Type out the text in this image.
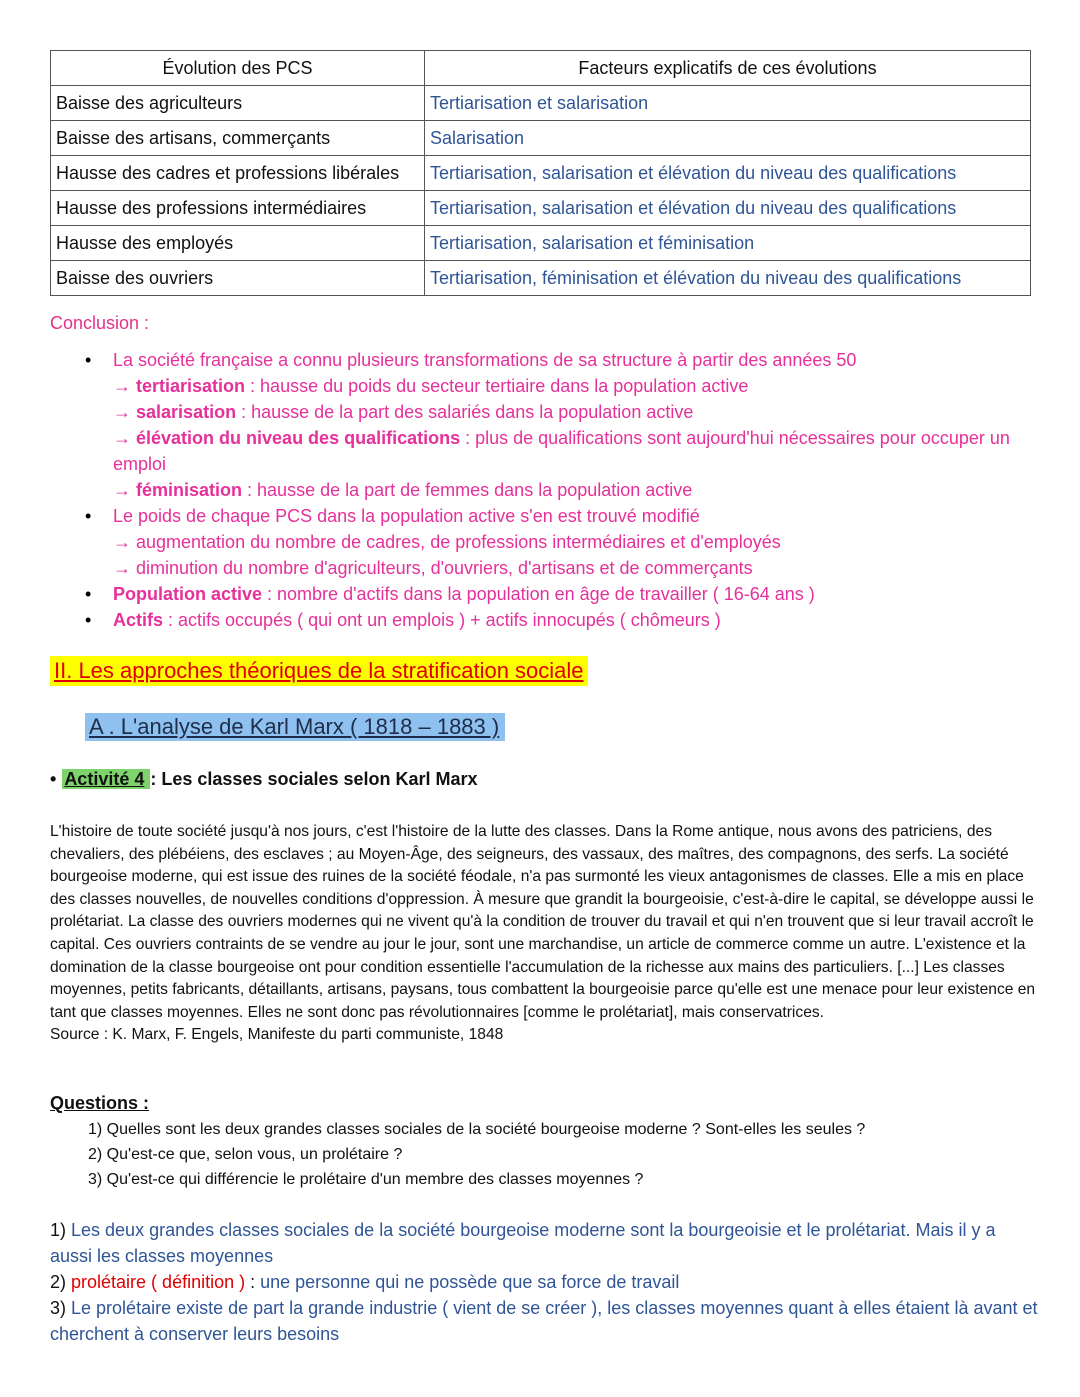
Évolution des PCS	Facteurs explicatifs de ces évolutions
Baisse des agriculteurs	Tertiarisation et salarisation
Baisse des artisans, commerçants	Salarisation
Hausse des cadres et professions libérales	Tertiarisation, salarisation et élévation du niveau des qualifications
Hausse des professions intermédiaires	Tertiarisation, salarisation et élévation du niveau des qualifications
Hausse des employés	Tertiarisation, salarisation et féminisation
Baisse des ouvriers	Tertiarisation, féminisation et élévation du niveau des qualifications
Conclusion :
• La société française a connu plusieurs transformations de sa structure à partir des années 50
→ tertiarisation : hausse du poids du secteur tertiaire dans la population active
→ salarisation : hausse de la part des salariés dans la population active
→ élévation du niveau des qualifications : plus de qualifications sont aujourd'hui nécessaires pour occuper un emploi
→ féminisation : hausse de la part de femmes dans la population active
• Le poids de chaque PCS dans la population active s'en est trouvé modifié
→ augmentation du nombre de cadres, de professions intermédiaires et d'employés
→ diminution du nombre d'agriculteurs, d'ouvriers, d'artisans et de commerçants
• Population active : nombre d'actifs dans la population en âge de travailler ( 16-64 ans )
• Actifs : actifs occupés ( qui ont un emplois ) + actifs innocupés ( chômeurs )
II. Les approches théoriques de la stratification sociale
A . L'analyse de Karl Marx ( 1818 – 1883 )
• Activité 4 : Les classes sociales selon Karl Marx

L'histoire de toute société jusqu'à nos jours, c'est l'histoire de la lutte des classes. Dans la Rome antique, nous avons des patriciens, des chevaliers, des plébéiens, des esclaves ; au Moyen-Âge, des seigneurs, des vassaux, des maîtres, des compagnons, des serfs. La société bourgeoise moderne, qui est issue des ruines de la société féodale, n'a pas surmonté les vieux antagonismes de classes. Elle a mis en place des classes nouvelles, de nouvelles conditions d'oppression. À mesure que grandit la bourgeoisie, c'est-à-dire le capital, se développe aussi le prolétariat. La classe des ouvriers modernes qui ne vivent qu'à la condition de trouver du travail et qui n'en trouvent que si leur travail accroît le capital. Ces ouvriers contraints de se vendre au jour le jour, sont une marchandise, un article de commerce comme un autre. L'existence et la domination de la classe bourgeoise ont pour condition essentielle l'accumulation de la richesse aux mains des particuliers. [...] Les classes moyennes, petits fabricants, détaillants, artisans, paysans, tous combattent la bourgeoisie parce qu'elle est une menace pour leur existence en tant que classes moyennes. Elles ne sont donc pas révolutionnaires [comme le prolétariat], mais conservatrices.

Source : K. Marx, F. Engels, Manifeste du parti communiste, 1848

Questions :
1) Quelles sont les deux grandes classes sociales de la société bourgeoise moderne ? Sont-elles les seules ?
2) Qu'est-ce que, selon vous, un prolétaire ?
3) Qu'est-ce qui différencie le prolétaire d'un membre des classes moyennes ?
1) Les deux grandes classes sociales de la société bourgeoise moderne sont la bourgeoisie et le prolétariat. Mais il y a aussi les classes moyennes
2) prolétaire ( définition ) : une personne qui ne possède que sa force de travail
3) Le prolétaire existe de part la grande industrie ( vient de se créer ), les classes moyennes quant à elles étaient là avant et cherchent à conserver leurs besoins
